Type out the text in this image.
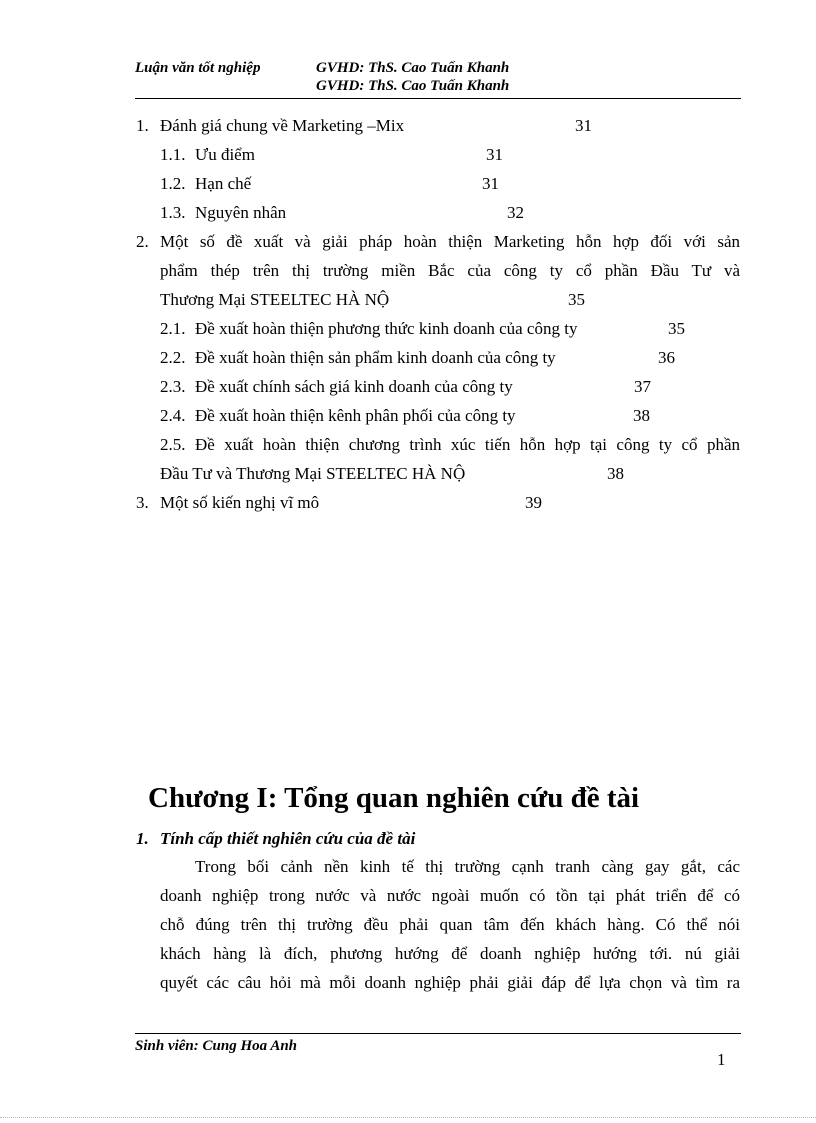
Luận văn tốt nghiệp	GVHD: ThS. Cao Tuấn Khanh
GVHD: ThS. Cao Tuấn Khanh
1. Đánh giá chung về Marketing –Mix	31
1.1. Ưu điểm	31
1.2. Hạn chế	31
1.3. Nguyên nhân	32
2. Một số đề xuất và giải pháp hoàn thiện Marketing hỗn hợp đối với sản
phẩm thép trên thị trường miền Bắc của công ty cổ phần Đầu Tư và
Thương Mại STEELTEC HÀ NỘ	35
2.1. Đề xuất hoàn thiện phương thức kinh doanh của công ty	35
2.2. Đề xuất hoàn thiện sản phẩm kinh doanh của công ty	36
2.3. Đề xuất chính sách giá kinh doanh của công ty	37
2.4. Đề xuất hoàn thiện kênh phân phối của công ty	38
2.5. Đề xuất hoàn thiện chương trình xúc tiến hỗn hợp tại công ty cổ phần
Đầu Tư và Thương Mại STEELTEC HÀ NỘ	38
3. Một số kiến nghị vĩ mô	39
Chương I: Tổng quan nghiên cứu đề tài
1. Tính cấp thiết nghiên cứu của đề tài
Trong bối cảnh nền kinh tế thị trường cạnh tranh càng gay gắt, các
doanh nghiệp trong nước và nước ngoài muốn có tồn tại phát triển để có
chỗ đúng trên thị trường đều phải quan tâm đến khách hàng. Có thể nói
khách hàng là đích, phương hướng để doanh nghiệp hướng tới. nú giải
quyết các câu hỏi mà mỗi doanh nghiệp phải giải đáp để lựa chọn và tìm ra
Sinh viên: Cung Hoa Anh
1
